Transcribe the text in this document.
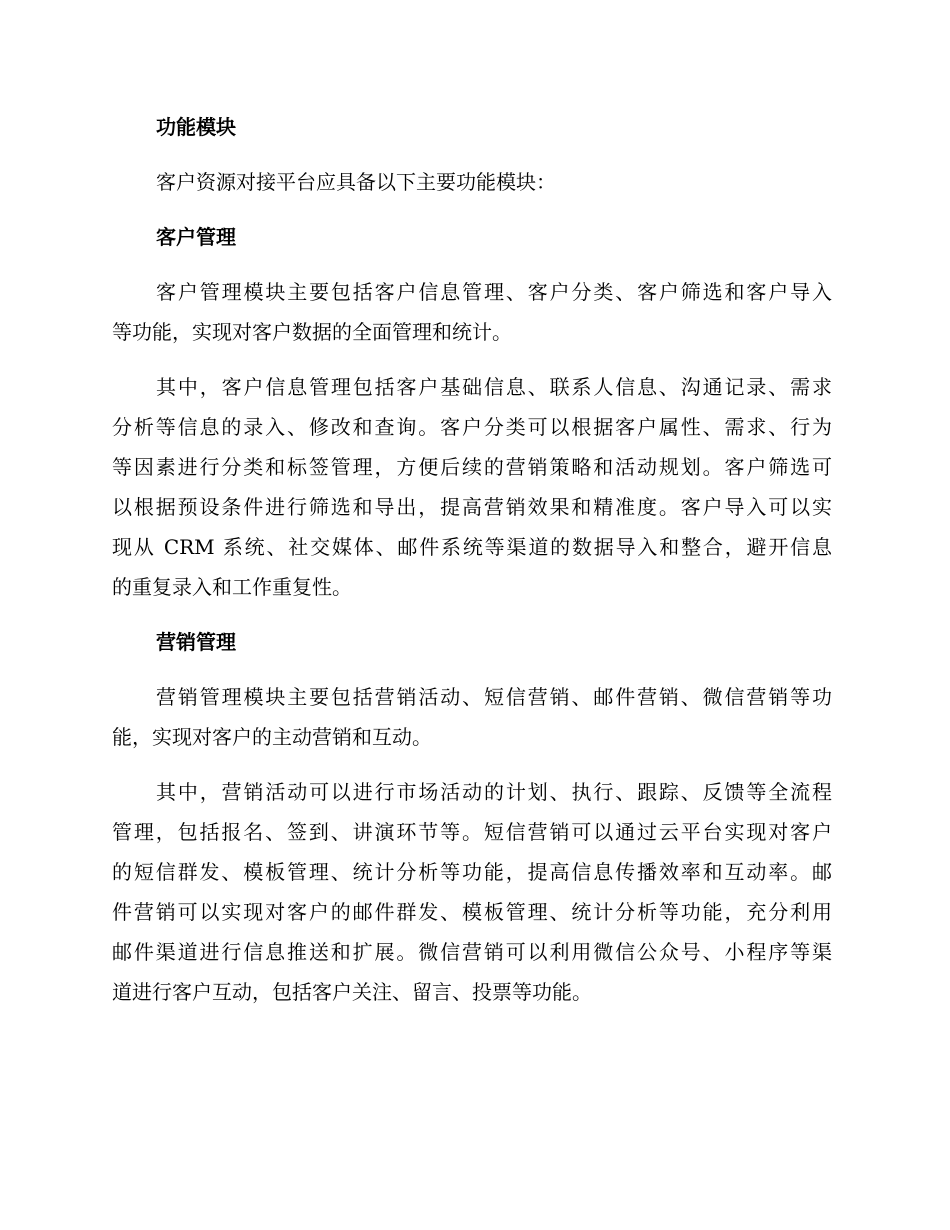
功能模块
客户资源对接平台应具备以下主要功能模块：
客户管理
客户管理模块主要包括客户信息管理、客户分类、客户筛选和客户导入
等功能，实现对客户数据的全面管理和统计。
其中，客户信息管理包括客户基础信息、联系人信息、沟通记录、需求
分析等信息的录入、修改和查询。客户分类可以根据客户属性、需求、行为
等因素进行分类和标签管理，方便后续的营销策略和活动规划。客户筛选可
以根据预设条件进行筛选和导出，提高营销效果和精准度。客户导入可以实
现从 CRM 系统、社交媒体、邮件系统等渠道的数据导入和整合，避开信息
的重复录入和工作重复性。
营销管理
营销管理模块主要包括营销活动、短信营销、邮件营销、微信营销等功
能，实现对客户的主动营销和互动。
其中，营销活动可以进行市场活动的计划、执行、跟踪、反馈等全流程
管理，包括报名、签到、讲演环节等。短信营销可以通过云平台实现对客户
的短信群发、模板管理、统计分析等功能，提高信息传播效率和互动率。邮
件营销可以实现对客户的邮件群发、模板管理、统计分析等功能，充分利用
邮件渠道进行信息推送和扩展。微信营销可以利用微信公众号、小程序等渠
道进行客户互动，包括客户关注、留言、投票等功能。
